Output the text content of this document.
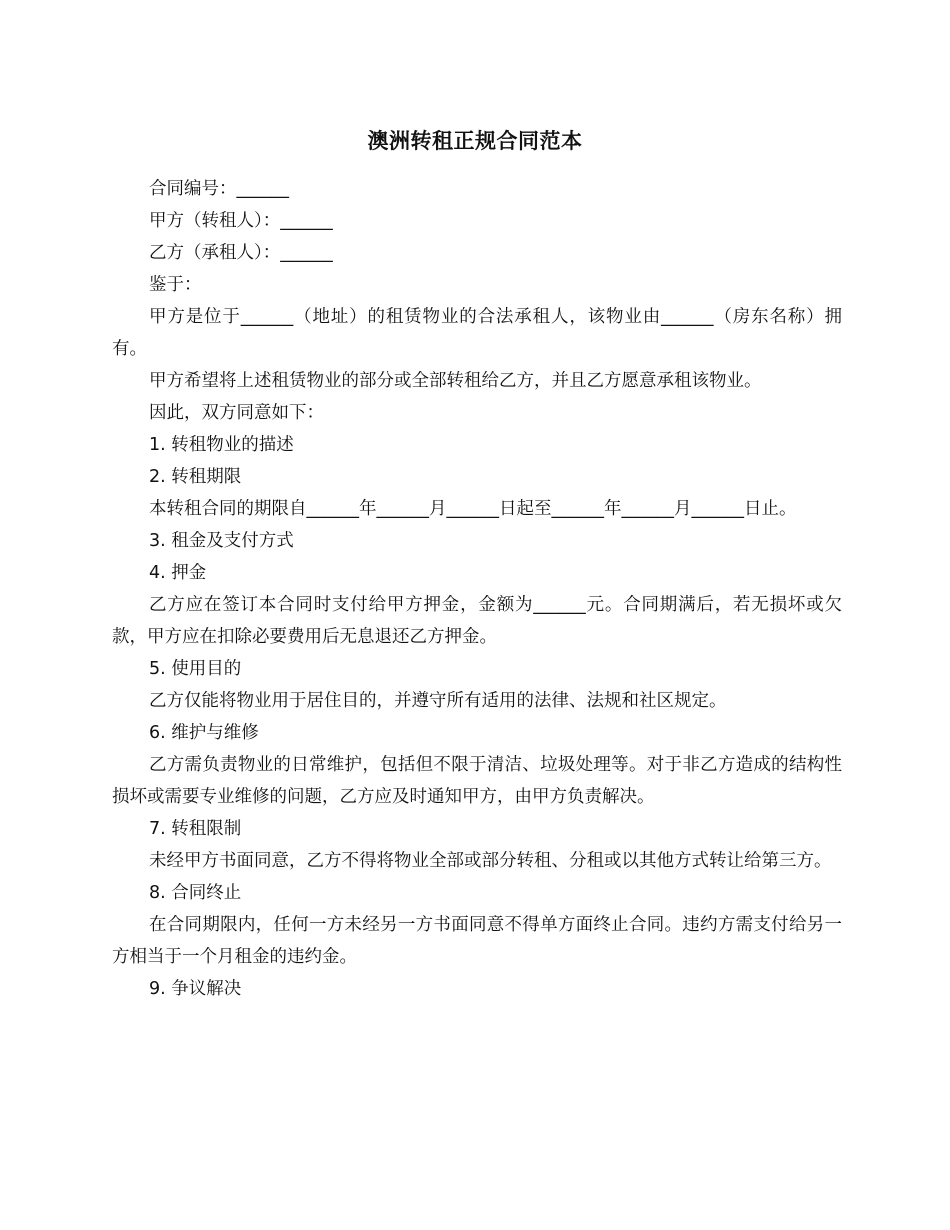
澳洲转租正规合同范本

合同编号：______

甲方（转租人）：______

乙方（承租人）：______

鉴于：

甲方是位于______（地址）的租赁物业的合法承租人，该物业由______（房东名称）拥有。

甲方希望将上述租赁物业的部分或全部转租给乙方，并且乙方愿意承租该物业。

因此，双方同意如下：

1. 转租物业的描述

2. 转租期限

本转租合同的期限自______年______月______日起至______年______月______日止。

3. 租金及支付方式

4. 押金

乙方应在签订本合同时支付给甲方押金，金额为______元。合同期满后，若无损坏或欠款，甲方应在扣除必要费用后无息退还乙方押金。

5. 使用目的

乙方仅能将物业用于居住目的，并遵守所有适用的法律、法规和社区规定。

6. 维护与维修

乙方需负责物业的日常维护，包括但不限于清洁、垃圾处理等。对于非乙方造成的结构性损坏或需要专业维修的问题，乙方应及时通知甲方，由甲方负责解决。

7. 转租限制

未经甲方书面同意，乙方不得将物业全部或部分转租、分租或以其他方式转让给第三方。

8. 合同终止

在合同期限内，任何一方未经另一方书面同意不得单方面终止合同。违约方需支付给另一方相当于一个月租金的违约金。

9. 争议解决
